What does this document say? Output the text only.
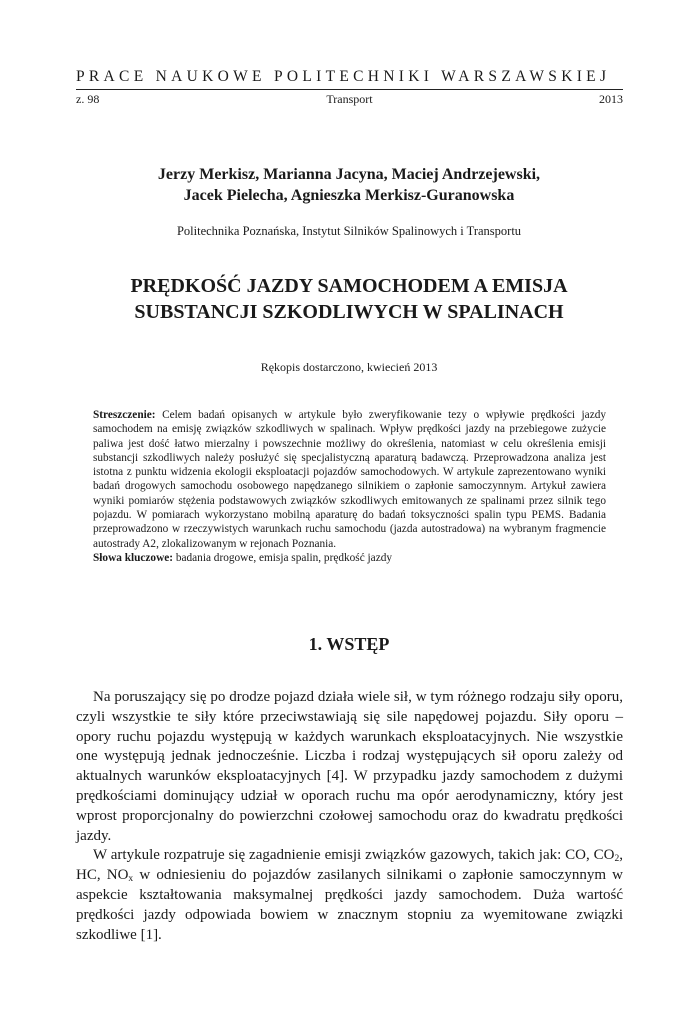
PRACE NAUKOWE POLITECHNIKI WARSZAWSKIEJ
z. 98	Transport	2013
Jerzy Merkisz, Marianna Jacyna, Maciej Andrzejewski,
Jacek Pielecha, Agnieszka Merkisz-Guranowska
Politechnika Poznańska, Instytut Silników Spalinowych i Transportu
PRĘDKOŚĆ JAZDY SAMOCHODEM A EMISJA
SUBSTANCJI SZKODLIWYCH W SPALINACH
Rękopis dostarczono, kwiecień 2013

Streszczenie: Celem badań opisanych w artykule było zweryfikowanie tezy o wpływie prędkości jazdy samochodem na emisję związków szkodliwych w spalinach. Wpływ prędkości jazdy na przebiegowe zużycie paliwa jest dość łatwo mierzalny i powszechnie możliwy do określenia, natomiast w celu określenia emisji substancji szkodliwych należy posłużyć się specjalistyczną aparaturą badawczą. Przeprowadzona analiza jest istotna z punktu widzenia ekologii eksploatacji pojazdów samochodowych. W artykule zaprezentowano wyniki badań drogowych samochodu osobowego napędzanego silnikiem o zapłonie samoczynnym. Artykuł zawiera wyniki pomiarów stężenia podstawowych związków szkodliwych emitowanych ze spalinami przez silnik tego pojazdu. W pomiarach wykorzystano mobilną aparaturę do badań toksyczności spalin typu PEMS. Badania przeprowadzono w rzeczywistych warunkach ruchu samochodu (jazda autostradowa) na wybranym fragmencie autostrady A2, zlokalizowanym w rejonach Poznania.

Słowa kluczowe: badania drogowe, emisja spalin, prędkość jazdy

1. WSTĘP

Na poruszający się po drodze pojazd działa wiele sił, w tym różnego rodzaju siły oporu, czyli wszystkie te siły które przeciwstawiają się sile napędowej pojazdu. Siły oporu – opory ruchu pojazdu występują w każdych warunkach eksploatacyjnych. Nie wszystkie one występują jednak jednocześnie. Liczba i rodzaj występujących sił oporu zależy od aktualnych warunków eksploatacyjnych [4]. W przypadku jazdy samochodem z dużymi prędkościami dominujący udział w oporach ruchu ma opór aerodynamiczny, który jest wprost proporcjonalny do powierzchni czołowej samochodu oraz do kwadratu prędkości jazdy.

W artykule rozpatruje się zagadnienie emisji związków gazowych, takich jak: CO, $CO_2$, HC, $NO_x$ w odniesieniu do pojazdów zasilanych silnikami o zapłonie samoczynnym w aspekcie kształtowania maksymalnej prędkości jazdy samochodem. Duża wartość prędkości jazdy odpowiada bowiem w znacznym stopniu za wyemitowane związki szkodliwe [1].
